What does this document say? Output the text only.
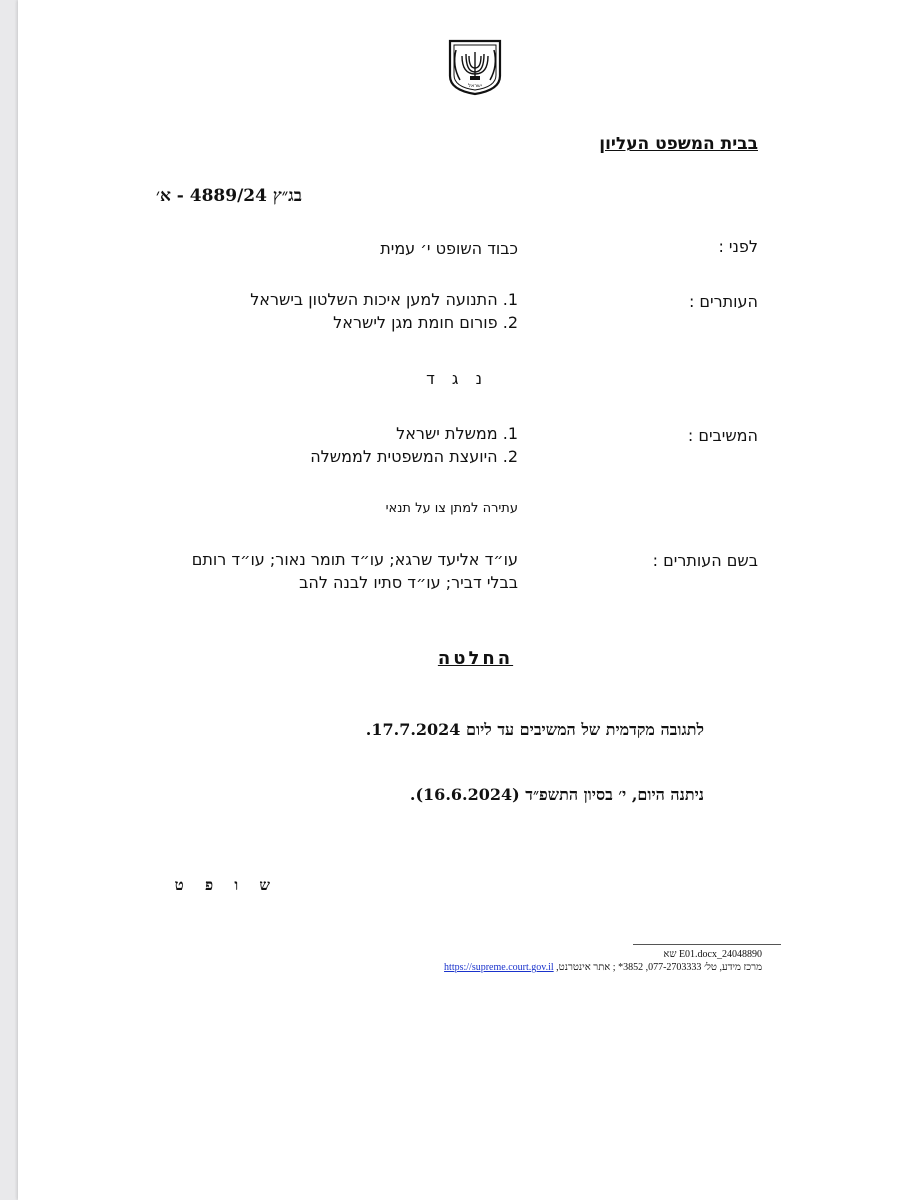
ישראל
בבית המשפט העליון
בג״ץ 4889/24 - א׳
לפני :
כבוד השופט י׳ עמית
העותרים :
1. התנועה למען איכות השלטון בישראל
2. פורום חומת מגן לישראל
נ ג ד
המשיבים :
1. ממשלת ישראל
2. היועצת המשפטית לממשלה
עתירה למתן צו על תנאי
בשם העותרים :
עו״ד אליעד שרגא; עו״ד תומר נאור; עו״ד רותם
בבלי דביר; עו״ד סתיו לבנה להב
החלטה
לתגובה מקדמית של המשיבים עד ליום 17.7.2024.
ניתנה היום, י׳ בסיון התשפ״ד (16.6.2024).
ש ו פ ט
24048890_E01.docx שא
מרכז מידע, טל׳ 077-2703333, 3852* ; אתר אינטרנט, https://supreme.court.gov.il
